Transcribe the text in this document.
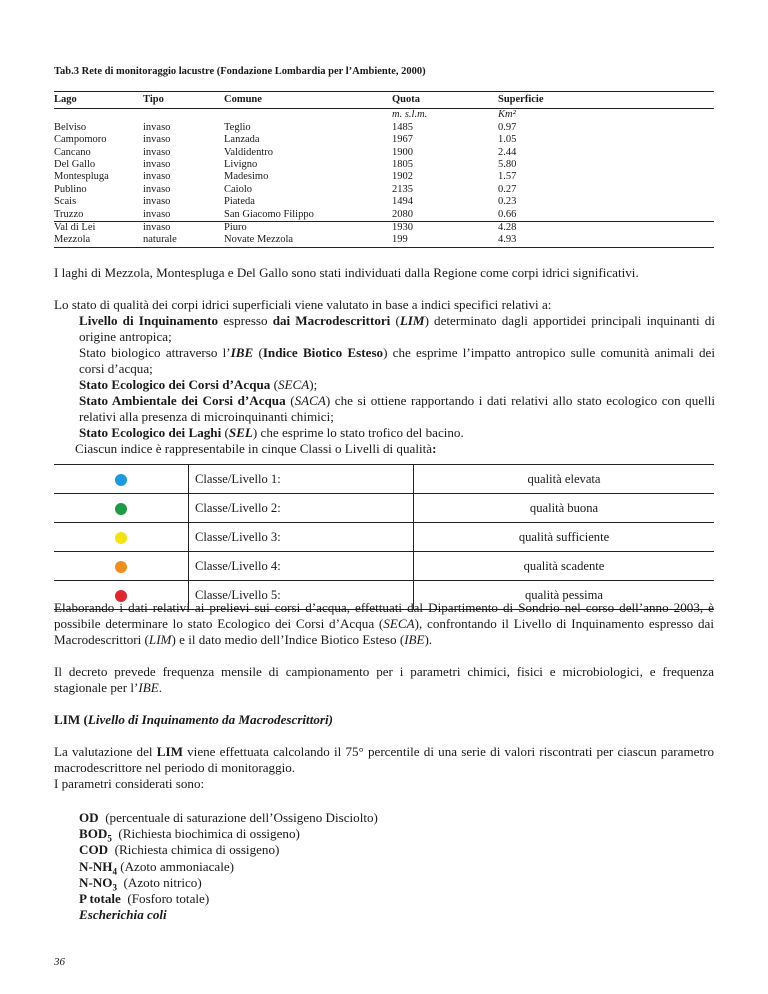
Tab.3 Rete di monitoraggio lacustre (Fondazione Lombardia per l’Ambiente, 2000)
Lago	Tipo	Comune	Quota	Superficie
			m. s.l.m.	Km²
Belviso	invaso	Teglio	1485	0.97
Campomoro	invaso	Lanzada	1967	1.05
Cancano	invaso	Valdidentro	1900	2.44
Del Gallo	invaso	Livigno	1805	5.80
Montespluga	invaso	Madesimo	1902	1.57
Publino	invaso	Caiolo	2135	0.27
Scais	invaso	Piateda	1494	0.23
Truzzo	invaso	San Giacomo Filippo	2080	0.66
Val di Lei	invaso	Piuro	1930	4.28
Mezzola	naturale	Novate Mezzola	199	4.93
I laghi di Mezzola, Montespluga e Del Gallo sono stati individuati dalla Regione come corpi idrici significativi.
Lo stato di qualità dei corpi idrici superficiali viene valutato in base a indici specifici relativi a:
Livello di Inquinamento espresso dai Macrodescrittori (LIM) determinato dagli apportidei principali inquinanti di origine antropica;
Stato biologico attraverso l’IBE (Indice Biotico Esteso) che esprime l’impatto antropico sulle comunità animali dei corsi d’acqua;
Stato Ecologico dei Corsi d’Acqua (SECA);
Stato Ambientale dei Corsi d’Acqua (SACA) che si ottiene rapportando i dati relativi allo stato ecologico con quelli relativi alla presenza di microinquinanti chimici;
Stato Ecologico dei Laghi (SEL) che esprime lo stato trofico del bacino.
Ciascun indice è rappresentabile in cinque Classi o Livelli di qualità:
	Classe/Livello 1:	qualità elevata
	Classe/Livello 2:	qualità buona
	Classe/Livello 3:	qualità sufficiente
	Classe/Livello 4:	qualità scadente
	Classe/Livello 5:	qualità pessima
Elaborando i dati relativi ai prelievi sui corsi d’acqua, effettuati dal Dipartimento di Sondrio nel corso dell’anno 2003, è possibile determinare lo stato Ecologico dei Corsi d’Acqua (SECA), confrontando il Livello di Inquinamento espresso dai Macrodescrittori (LIM) e il dato medio dell’Indice Biotico Esteso (IBE).
Il decreto prevede frequenza mensile di campionamento per i parametri chimici, fisici e microbiologici, e frequenza stagionale per l’IBE.
LIM (Livello di Inquinamento da Macrodescrittori)
La valutazione del LIM viene effettuata calcolando il 75° percentile di una serie di valori riscontrati per ciascun parametro macrodescrittore nel periodo di monitoraggio.
I parametri considerati sono:
OD  (percentuale di saturazione dell’Ossigeno Disciolto)
$BOD_5$  (Richiesta biochimica di ossigeno)
COD  (Richiesta chimica di ossigeno)
$N-NH_4$ (Azoto ammoniacale)
$N-NO_3$  (Azoto nitrico)
P totale  (Fosforo totale)
Escherichia coli
36
